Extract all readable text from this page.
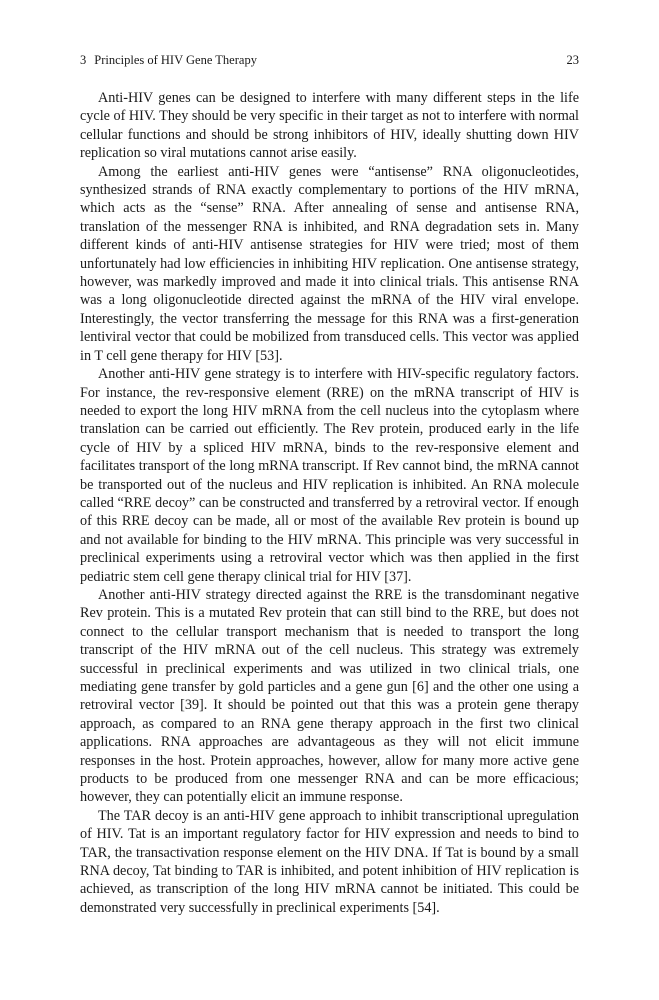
3 Principles of HIV Gene Therapy	23

Anti-HIV genes can be designed to interfere with many different steps in the life cycle of HIV. They should be very specific in their target as not to interfere with normal cellular functions and should be strong inhibitors of HIV, ideally shutting down HIV replication so viral mutations cannot arise easily.

Among the earliest anti-HIV genes were “antisense” RNA oligonucleotides, synthesized strands of RNA exactly complementary to portions of the HIV mRNA, which acts as the “sense” RNA. After annealing of sense and antisense RNA, translation of the messenger RNA is inhibited, and RNA degradation sets in. Many different kinds of anti-HIV antisense strategies for HIV were tried; most of them unfortunately had low efficiencies in inhibiting HIV replication. One antisense strategy, however, was markedly improved and made it into clinical trials. This antisense RNA was a long oligonucleotide directed against the mRNA of the HIV viral envelope. Interestingly, the vector transferring the message for this RNA was a first-generation lentiviral vector that could be mobilized from transduced cells. This vector was applied in T cell gene therapy for HIV [53].

Another anti-HIV gene strategy is to interfere with HIV-specific regulatory factors. For instance, the rev-responsive element (RRE) on the mRNA transcript of HIV is needed to export the long HIV mRNA from the cell nucleus into the cytoplasm where translation can be carried out efficiently. The Rev protein, produced early in the life cycle of HIV by a spliced HIV mRNA, binds to the rev-responsive element and facilitates transport of the long mRNA transcript. If Rev cannot bind, the mRNA cannot be transported out of the nucleus and HIV replication is inhibited. An RNA molecule called “RRE decoy” can be constructed and transferred by a retroviral vector. If enough of this RRE decoy can be made, all or most of the available Rev protein is bound up and not available for binding to the HIV mRNA. This principle was very successful in preclinical experiments using a retroviral vector which was then applied in the first pediatric stem cell gene therapy clinical trial for HIV [37].

Another anti-HIV strategy directed against the RRE is the transdominant negative Rev protein. This is a mutated Rev protein that can still bind to the RRE, but does not connect to the cellular transport mechanism that is needed to transport the long transcript of the HIV mRNA out of the cell nucleus. This strategy was extremely successful in preclinical experiments and was utilized in two clinical trials, one mediating gene transfer by gold particles and a gene gun [6] and the other one using a retroviral vector [39]. It should be pointed out that this was a protein gene therapy approach, as compared to an RNA gene therapy approach in the first two clinical applications. RNA approaches are advantageous as they will not elicit immune responses in the host. Protein approaches, however, allow for many more active gene products to be produced from one messenger RNA and can be more efficacious; however, they can potentially elicit an immune response.

The TAR decoy is an anti-HIV gene approach to inhibit transcriptional upregulation of HIV. Tat is an important regulatory factor for HIV expression and needs to bind to TAR, the transactivation response element on the HIV DNA. If Tat is bound by a small RNA decoy, Tat binding to TAR is inhibited, and potent inhibition of HIV replication is achieved, as transcription of the long HIV mRNA cannot be initiated. This could be demonstrated very successfully in preclinical experiments [54].
